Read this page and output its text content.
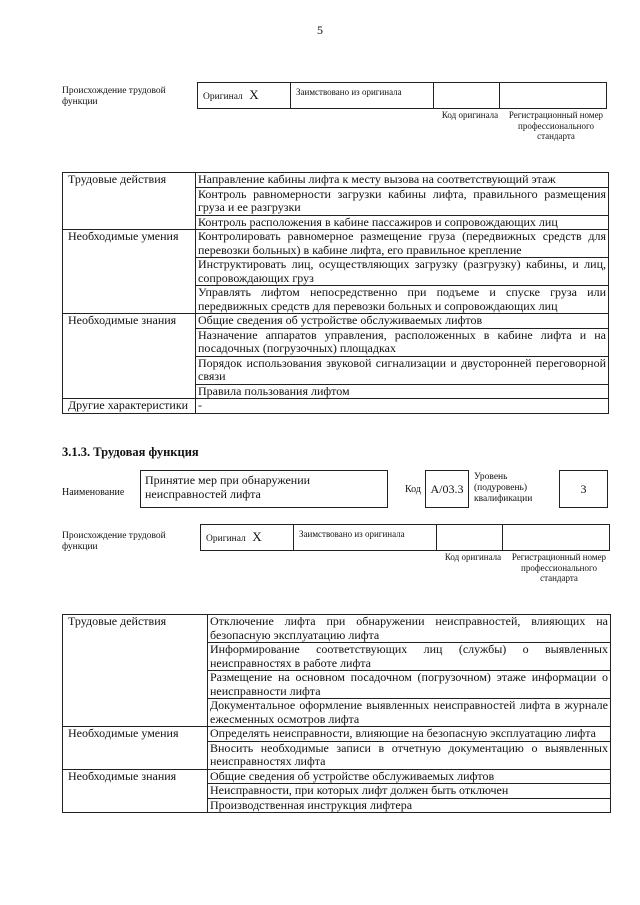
5
Происхождение трудовой функции	Оригинал X	Заимствовано из оригинала
Код оригинала	Регистрационный номер профессионального стандарта
Трудовые действия	Направление кабины лифта к месту вызова на соответствующий этаж
	Контроль равномерности загрузки кабины лифта, правильного размещения груза и ее разгрузки
	Контроль расположения в кабине пассажиров и сопровождающих лиц
Необходимые умения	Контролировать равномерное размещение груза (передвижных средств для перевозки больных) в кабине лифта, его правильное крепление
	Инструктировать лиц, осуществляющих загрузку (разгрузку) кабины, и лиц, сопровождающих груз
	Управлять лифтом непосредственно при подъеме и спуске груза или передвижных средств для перевозки больных и сопровождающих лиц
Необходимые знания	Общие сведения об устройстве обслуживаемых лифтов
	Назначение аппаратов управления, расположенных в кабине лифта и на посадочных (погрузочных) площадках
	Порядок использования звуковой сигнализации и двусторонней переговорной связи
	Правила пользования лифтом
Другие характеристики	-
3.1.3. Трудовая функция
Наименование
Принятие мер при обнаружении неисправностей лифта	Код A/03.3
Уровень (подуровень) квалификации
3
Происхождение трудовой функции
Оригинал X	Заимствовано из оригинала
Код оригинала	Регистрационный номер профессионального стандарта
Трудовые действия	Отключение лифта при обнаружении неисправностей, влияющих на безопасную эксплуатацию лифта
	Информирование соответствующих лиц (службы) о выявленных неисправностях в работе лифта
	Размещение на основном посадочном (погрузочном) этаже информации о неисправности лифта
	Документальное оформление выявленных неисправностей лифта в журнале ежесменных осмотров лифта
Необходимые умения	Определять неисправности, влияющие на безопасную эксплуатацию лифта
	Вносить необходимые записи в отчетную документацию о выявленных неисправностях лифта
Необходимые знания	Общие сведения об устройстве обслуживаемых лифтов
	Неисправности, при которых лифт должен быть отключен
	Производственная инструкция лифтера
